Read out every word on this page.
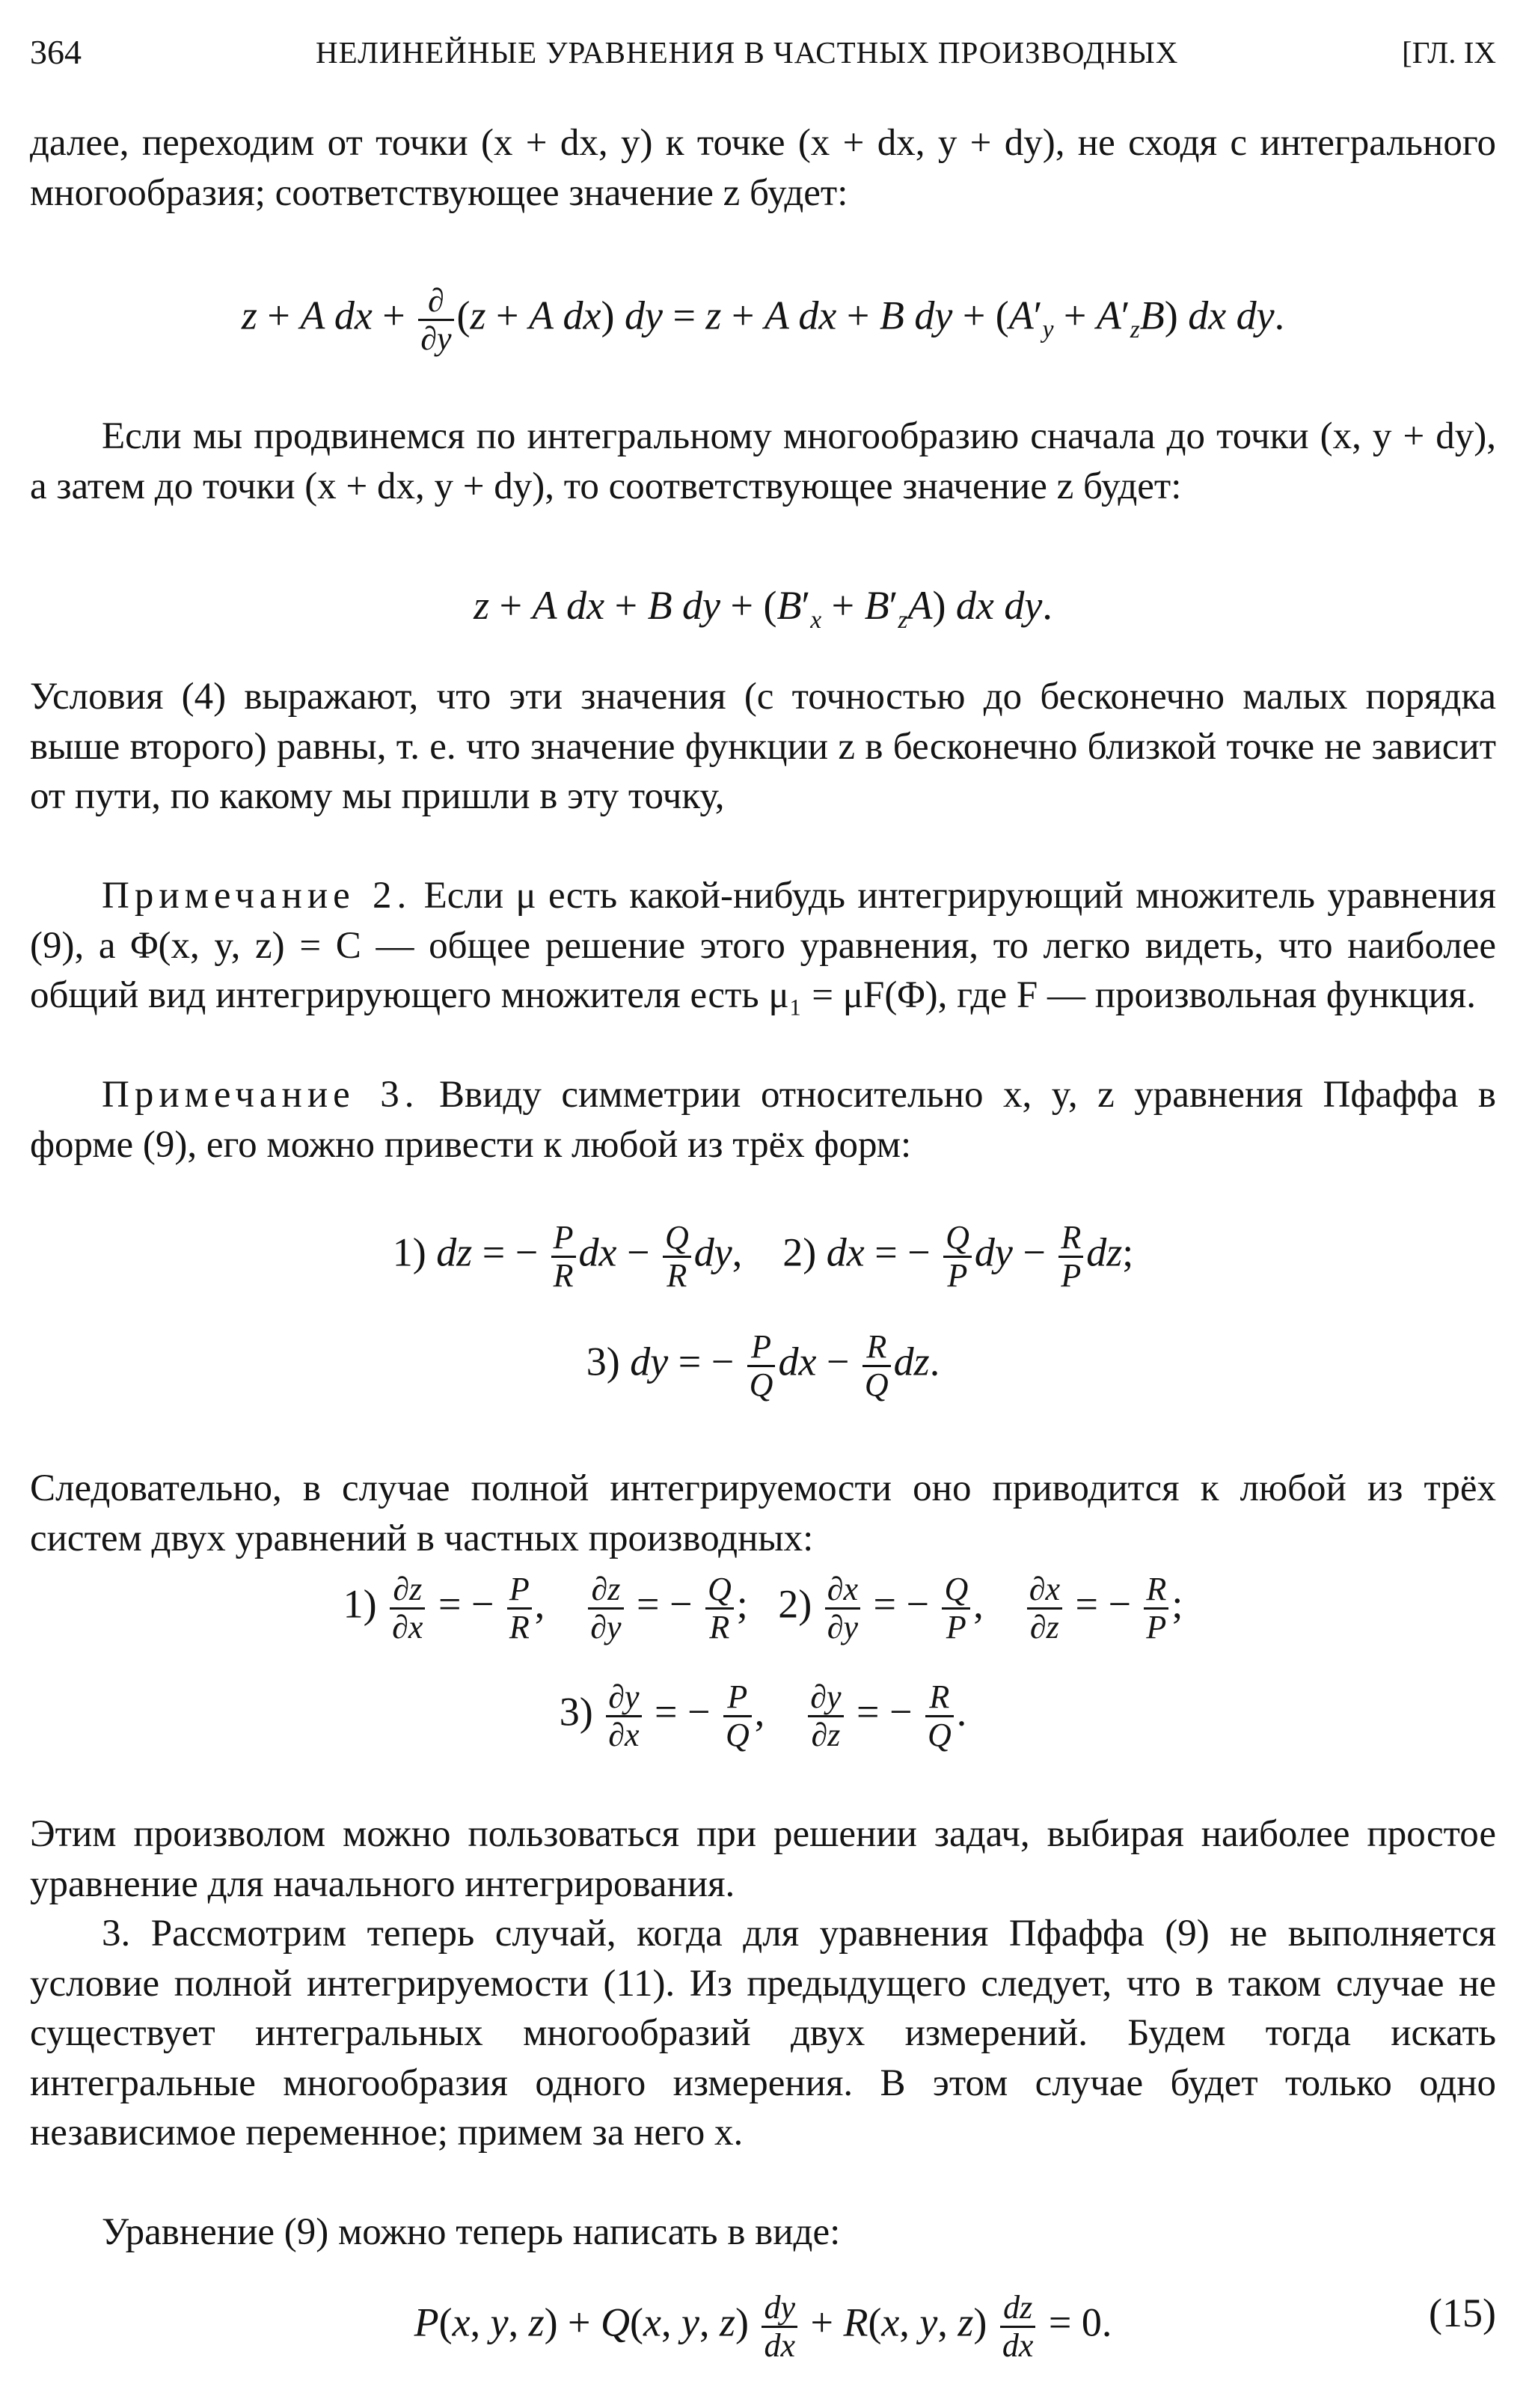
364	НЕЛИНЕЙНЫЕ УРАВНЕНИЯ В ЧАСТНЫХ ПРОИЗВОДНЫХ	[ГЛ. IX

далее, переходим от точки (x + dx, y) к точке (x + dx, y + dy), не сходя с интегрального многообразия; соответствующее значение z будет:

z + A dx + $\frac{\partial}{\partial y} (z + A$ dx) dy = z + A dx + B dy + $(A'_y + A'_zB)$ dx dy.

Если мы продвинемся по интегральному многообразию сначала до точки (x, y + dy), а затем до точки (x + dx, y + dy), то соответствующее значение z будет:

z + A dx + B dy + $(B'_x + B'_zA)$ dx dy.

Условия (4) выражают, что эти значения (с точностью до бесконечно малых порядка выше второго) равны, т. е. что значение функции z в бесконечно близкой точке не зависит от пути, по какому мы пришли в эту точку,

Примечание 2. Если μ есть какой-нибудь интегрирующий множитель уравнения (9), а Φ(x, y, z) = C — общее решение этого уравнения, то легко видеть, что наиболее общий вид интегрирующего множителя есть μ₁ = μF(Φ), где F — произвольная функция.

Примечание 3. Ввиду симметрии относительно x, y, z уравнения Пфаффа в форме (9), его можно привести к любой из трёх форм:

1) dz = − $\frac{P}{R}$ dx − $\frac{Q}{R}$ dy,    2) dx = − $\frac{Q}{P}$ dy − $\frac{R}{P}$ dz;
3) dy = − $\frac{P}{Q}$ dx − $\frac{R}{Q}$ dz.

Следовательно, в случае полной интегрируемости оно приводится к любой из трёх систем двух уравнений в частных производных:

$1) \frac{\partial z}{\partial x}$ = − $\frac{P}{R}$ , $\frac{\partial z}{\partial y}$ = − $\frac{Q}{R}$ ;   $2) \frac{\partial x}{\partial y}$ = − $\frac{Q}{P}$ , $\frac{\partial x}{\partial z}$ = − $\frac{R}{P}$ ;
$3) \frac{\partial y}{\partial x}$ = − $\frac{P}{Q}$ , $\frac{\partial y}{\partial z}$ = − $\frac{R}{Q}$ .

Этим произволом можно пользоваться при решении задач, выбирая наиболее простое уравнение для начального интегрирования.

3. Рассмотрим теперь случай, когда для уравнения Пфаффа (9) не выполняется условие полной интегрируемости (11). Из предыдущего следует, что в таком случае не существует интегральных многообразий двух измерений. Будем тогда искать интегральные многообразия одного измерения. В этом случае будет только одно независимое переменное; примем за него x.

Уравнение (9) можно теперь написать в виде:

P(x, y, z) + Q(x, y, $z) \frac{dy}{dx} + R(x$, y, $z) \frac{dz}{dx} = 0$.	(15)
